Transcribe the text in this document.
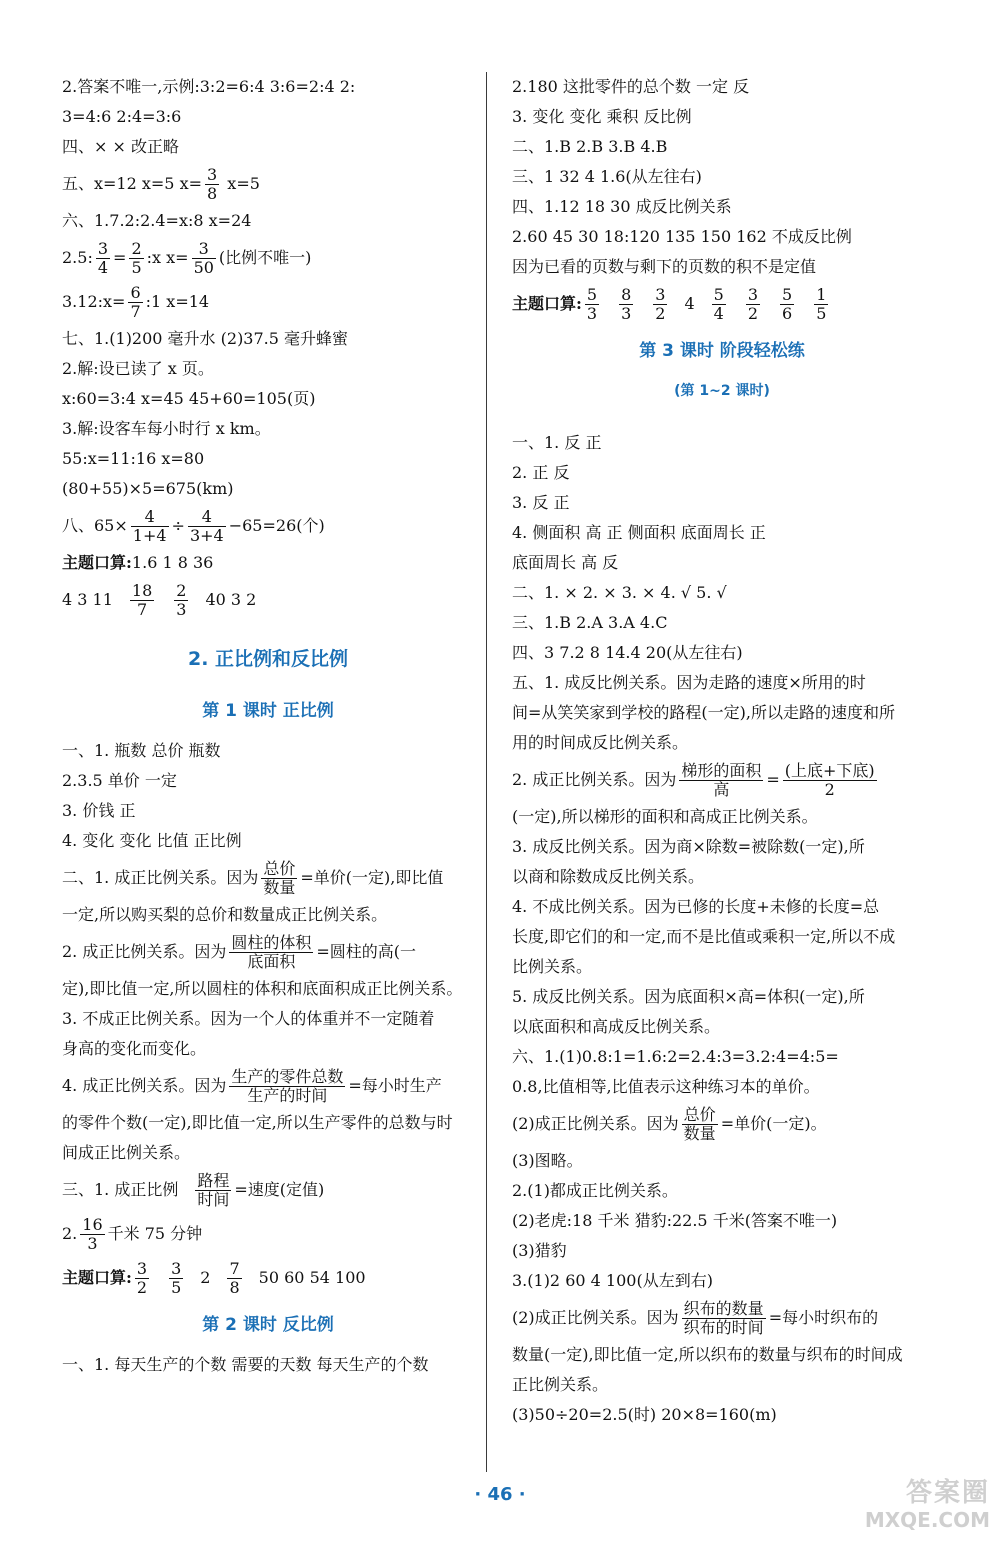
2.答案不唯一,示例:3:2=6:4 3:6=2:4 2:
3=4:6 2:4=3:6
四、× × 改正略
五、x=12 x=5 $x= \frac{3}{8} x=5$
六、1.7.2:2.4=x:8 x=24
2.5: $\frac{3}{4} = \frac{2}{5}$ :x $x= \frac{3}{50}$ (比例不唯一)
3.12:x= $\frac{6}{7}$ :1 x=14
七、1.(1)200 毫升水 (2)37.5 毫升蜂蜜
2.解:设已读了 x 页。
x:60=3:4 x=45 45+60=105(页)
3.解:设客车每小时行 x km。
55:x=11:16 x=80
(80+55)×5=675(km)
八、$65\times \frac{4}{1+4} \div \frac{4}{3+4} -65=26$(个)
主题口算:1.6 1 8 36
4 3 $11 \frac{18}{7} \frac{2}{3} 40$ 3 2
2. 正比例和反比例
第 1 课时 正比例
一、1. 瓶数 总价 瓶数
2.3.5 单价 一定
3. 价钱 正
4. 变化 变化 比值 正比例
二、1. 成正比例关系。因为 $\frac{\text{总价}}{\text{数量}}$ =单价(一定),即比值
一定,所以购买梨的总价和数量成正比例关系。
2. 成正比例关系。因为 $\frac{\text{圆柱的体积}}{\text{底面积}}$ =圆柱的高(一
定),即比值一定,所以圆柱的体积和底面积成正比例关系。
3. 不成正比例关系。因为一个人的体重并不一定随着
身高的变化而变化。
4. 成正比例关系。因为 $\frac{\text{生产的零件总数}}{\text{生产的时间}}$ =每小时生产
的零件个数(一定),即比值一定,所以生产零件的总数与时
间成正比例关系。
三、1. 成正比例 $\frac{\text{路程}}{\text{时间}}$ =速度(定值)
2. $\frac{16}{3}$ 千米 75 分钟
主题口算: $\frac{3}{2} \frac{3}{5} 2 \frac{7}{8} 50$ 60 54 100
第 2 课时 反比例
一、1. 每天生产的个数 需要的天数 每天生产的个数
2.180 这批零件的总个数 一定 反
3. 变化 变化 乘积 反比例
二、1.B 2.B 3.B 4.B
三、1 32 4 1.6(从左往右)
四、1.12 18 30 成反比例关系
2.60 45 30 18:120 135 150 162 不成反比例
因为已看的页数与剩下的页数的积不是定值
主题口算: $\frac{5}{3} \frac{8}{3} \frac{3}{2} 4 \frac{5}{4} \frac{3}{2} \frac{5}{6} \frac{1}{5}$
第 3 课时 阶段轻松练
(第 1~2 课时)
一、1. 反 正
2. 正 反
3. 反 正
4. 侧面积 高 正 侧面积 底面周长 正
底面周长 高 反
二、1. × 2. × 3. × 4. √ 5. √
三、1.B 2.A 3.A 4.C
四、3 7.2 8 14.4 20(从左往右)
五、1. 成反比例关系。因为走路的速度×所用的时
间=从笑笑家到学校的路程(一定),所以走路的速度和所
用的时间成反比例关系。
2. 成正比例关系。因为 $\frac{\text{梯形的面积}}{\text{高}} = \frac{\text{(上底+下底)}}{2}$
(一定),所以梯形的面积和高成正比例关系。
3. 成反比例关系。因为商×除数=被除数(一定),所
以商和除数成反比例关系。
4. 不成比例关系。因为已修的长度+未修的长度=总
长度,即它们的和一定,而不是比值或乘积一定,所以不成
比例关系。
5. 成反比例关系。因为底面积×高=体积(一定),所
以底面积和高成反比例关系。
六、1.(1)0.8:1=1.6:2=2.4:3=3.2:4=4:5=
0.8,比值相等,比值表示这种练习本的单价。
(2)成正比例关系。因为 $\frac{\text{总价}}{\text{数量}}$ =单价(一定)。
(3)图略。
2.(1)都成正比例关系。
(2)老虎:18 千米 猎豹:22.5 千米(答案不唯一)
(3)猎豹
3.(1)2 60 4 100(从左到右)
(2)成正比例关系。因为 $\frac{\text{织布的数量}}{\text{织布的时间}}$ =每小时织布的
数量(一定),即比值一定,所以织布的数量与织布的时间成
正比例关系。
(3)50÷20=2.5(时) 20×8=160(m)
· 46 ·	答案圈
MXQE.COM
